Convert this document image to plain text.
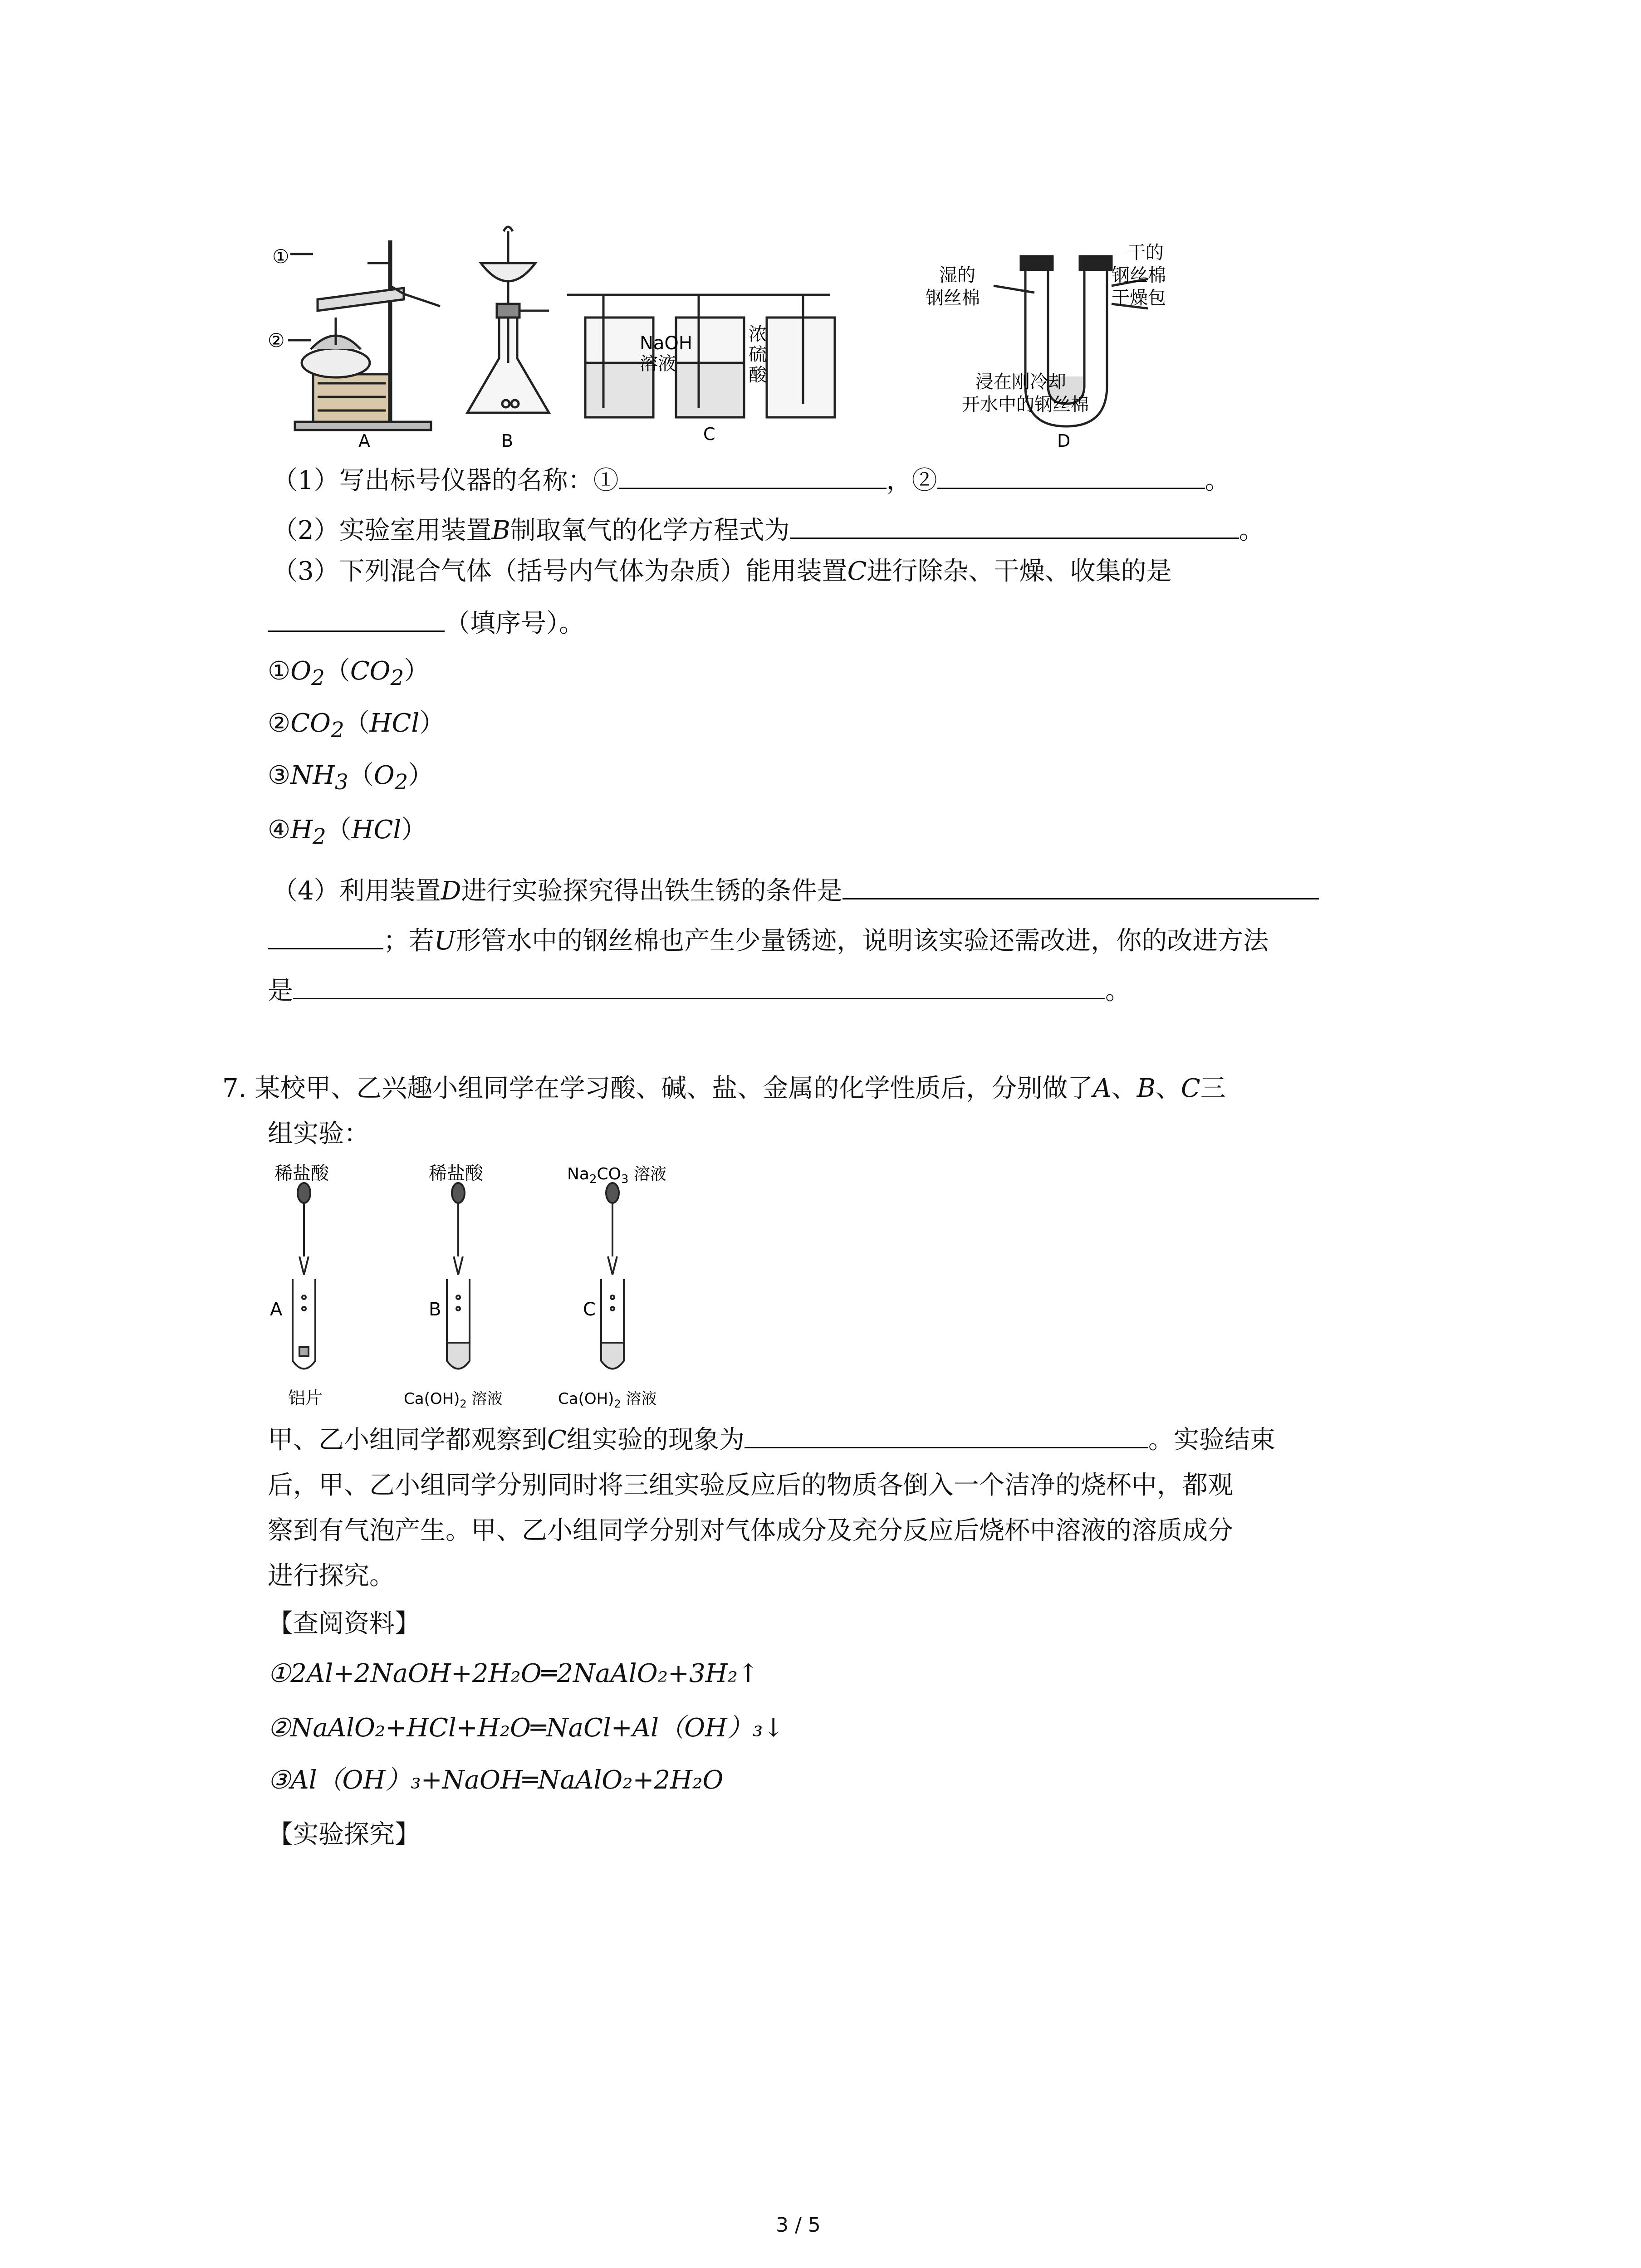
①
②
A	B	C	D
NaOH
溶液
浓
硫
酸
湿的
钢丝棉
干的
钢丝棉
干燥包
浸在刚冷却
开水中的钢丝棉
（1）写出标号仪器的名称：①	，②	。
（2）实验室用装置B制取氧气的化学方程式为	。
（3）下列混合气体（括号内气体为杂质）能用装置C进行除杂、干燥、收集的是
（填序号）。
$①O_2(CO_2)$
$②CO_2(HCl)$
$③NH_3(O_2)$
$④H_2(HCl)$
（4）利用装置D进行实验探究得出铁生锈的条件是
；若U形管水中的钢丝棉也产生少量锈迹，说明该实验还需改进，你的改进方法
是	。
7. 某校甲、乙兴趣小组同学在学习酸、碱、盐、金属的化学性质后，分别做了A、B、C三
组实验：
稀盐酸	稀盐酸	$Na_2CO_3$ 溶液
A	B	C
铝片	$Ca(OH)_2$ 溶液	$Ca(OH)_2$ 溶液
甲、乙小组同学都观察到C组实验的现象为	。实验结束
后，甲、乙小组同学分别同时将三组实验反应后的物质各倒入一个洁净的烧杯中，都观
察到有气泡产生。甲、乙小组同学分别对气体成分及充分反应后烧杯中溶液的溶质成分
进行探究。
【查阅资料】
①2Al+2NaOH+2H₂O═2NaAlO₂+3H₂↑
②NaAlO₂+HCl+H₂O═NaCl+Al（OH）₃↓
③Al（OH）₃+NaOH═NaAlO₂+2H₂O
【实验探究】
3 / 5
